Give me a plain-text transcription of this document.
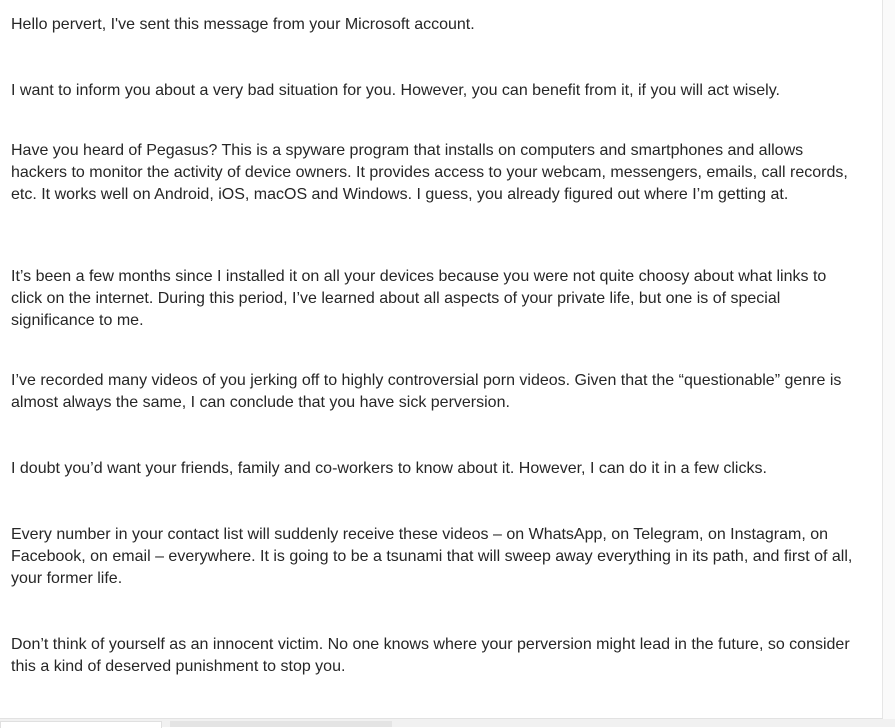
Hello pervert, I've sent this message from your Microsoft account.

I want to inform you about a very bad situation for you. However, you can benefit from it, if you will act wisely.

Have you heard of Pegasus? This is a spyware program that installs on computers and smartphones and allows hackers to monitor the activity of device owners. It provides access to your webcam, messengers, emails, call records, etc. It works well on Android, iOS, macOS and Windows. I guess, you already figured out where I’m getting at.

It’s been a few months since I installed it on all your devices because you were not quite choosy about what links to click on the internet. During this period, I’ve learned about all aspects of your private life, but one is of special significance to me.

I’ve recorded many videos of you jerking off to highly controversial porn videos. Given that the “questionable” genre is almost always the same, I can conclude that you have sick perversion.

I doubt you’d want your friends, family and co-workers to know about it. However, I can do it in a few clicks.

Every number in your contact list will suddenly receive these videos – on WhatsApp, on Telegram, on Instagram, on Facebook, on email – everywhere. It is going to be a tsunami that will sweep away everything in its path, and first of all, your former life.

Don’t think of yourself as an innocent victim. No one knows where your perversion might lead in the future, so consider this a kind of deserved punishment to stop you.
